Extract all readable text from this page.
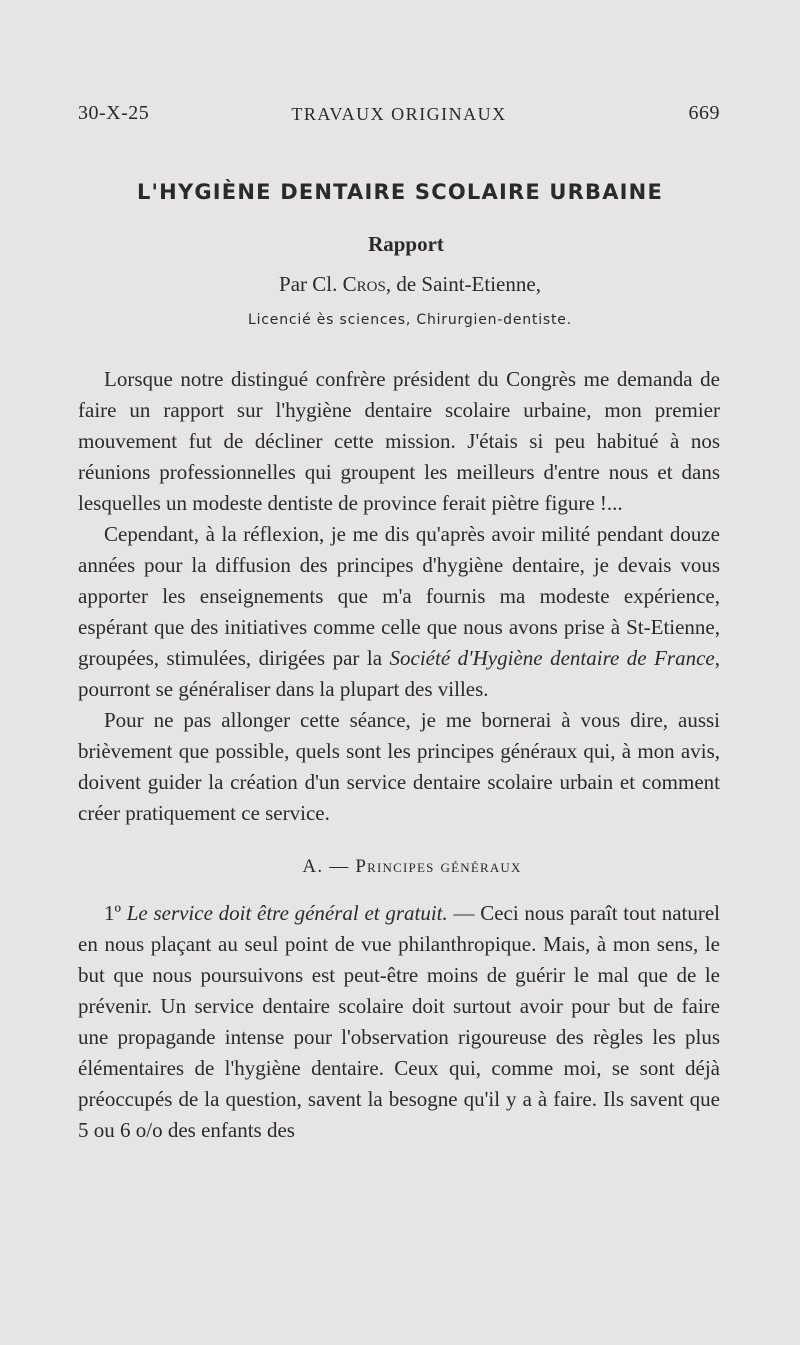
30-X-25	TRAVAUX ORIGINAUX	669
L'HYGIÈNE DENTAIRE SCOLAIRE URBAINE
Rapport
Par Cl. Cros, de Saint-Etienne,
Licencié ès sciences, Chirurgien-dentiste.

Lorsque notre distingué confrère président du Congrès me demanda de faire un rapport sur l'hygiène dentaire scolaire urbaine, mon premier mouvement fut de décliner cette mission. J'étais si peu habitué à nos réunions professionnelles qui groupent les meilleurs d'entre nous et dans lesquelles un modeste dentiste de province ferait piètre figure !...

Cependant, à la réflexion, je me dis qu'après avoir milité pendant douze années pour la diffusion des principes d'hygiène dentaire, je devais vous apporter les enseignements que m'a fournis ma modeste expérience, espérant que des initiatives comme celle que nous avons prise à St-Etienne, groupées, stimulées, dirigées par la Société d'Hygiène dentaire de France, pourront se généraliser dans la plupart des villes.

Pour ne pas allonger cette séance, je me bornerai à vous dire, aussi brièvement que possible, quels sont les principes généraux qui, à mon avis, doivent guider la création d'un service dentaire scolaire urbain et comment créer pratiquement ce service.

A. — Principes généraux

1º Le service doit être général et gratuit. — Ceci nous paraît tout naturel en nous plaçant au seul point de vue philanthropique. Mais, à mon sens, le but que nous poursuivons est peut-être moins de guérir le mal que de le prévenir. Un service dentaire scolaire doit surtout avoir pour but de faire une propagande intense pour l'observation rigoureuse des règles les plus élémentaires de l'hygiène dentaire. Ceux qui, comme moi, se sont déjà préoccupés de la question, savent la besogne qu'il y a à faire. Ils savent que 5 ou 6 o/o des enfants des
